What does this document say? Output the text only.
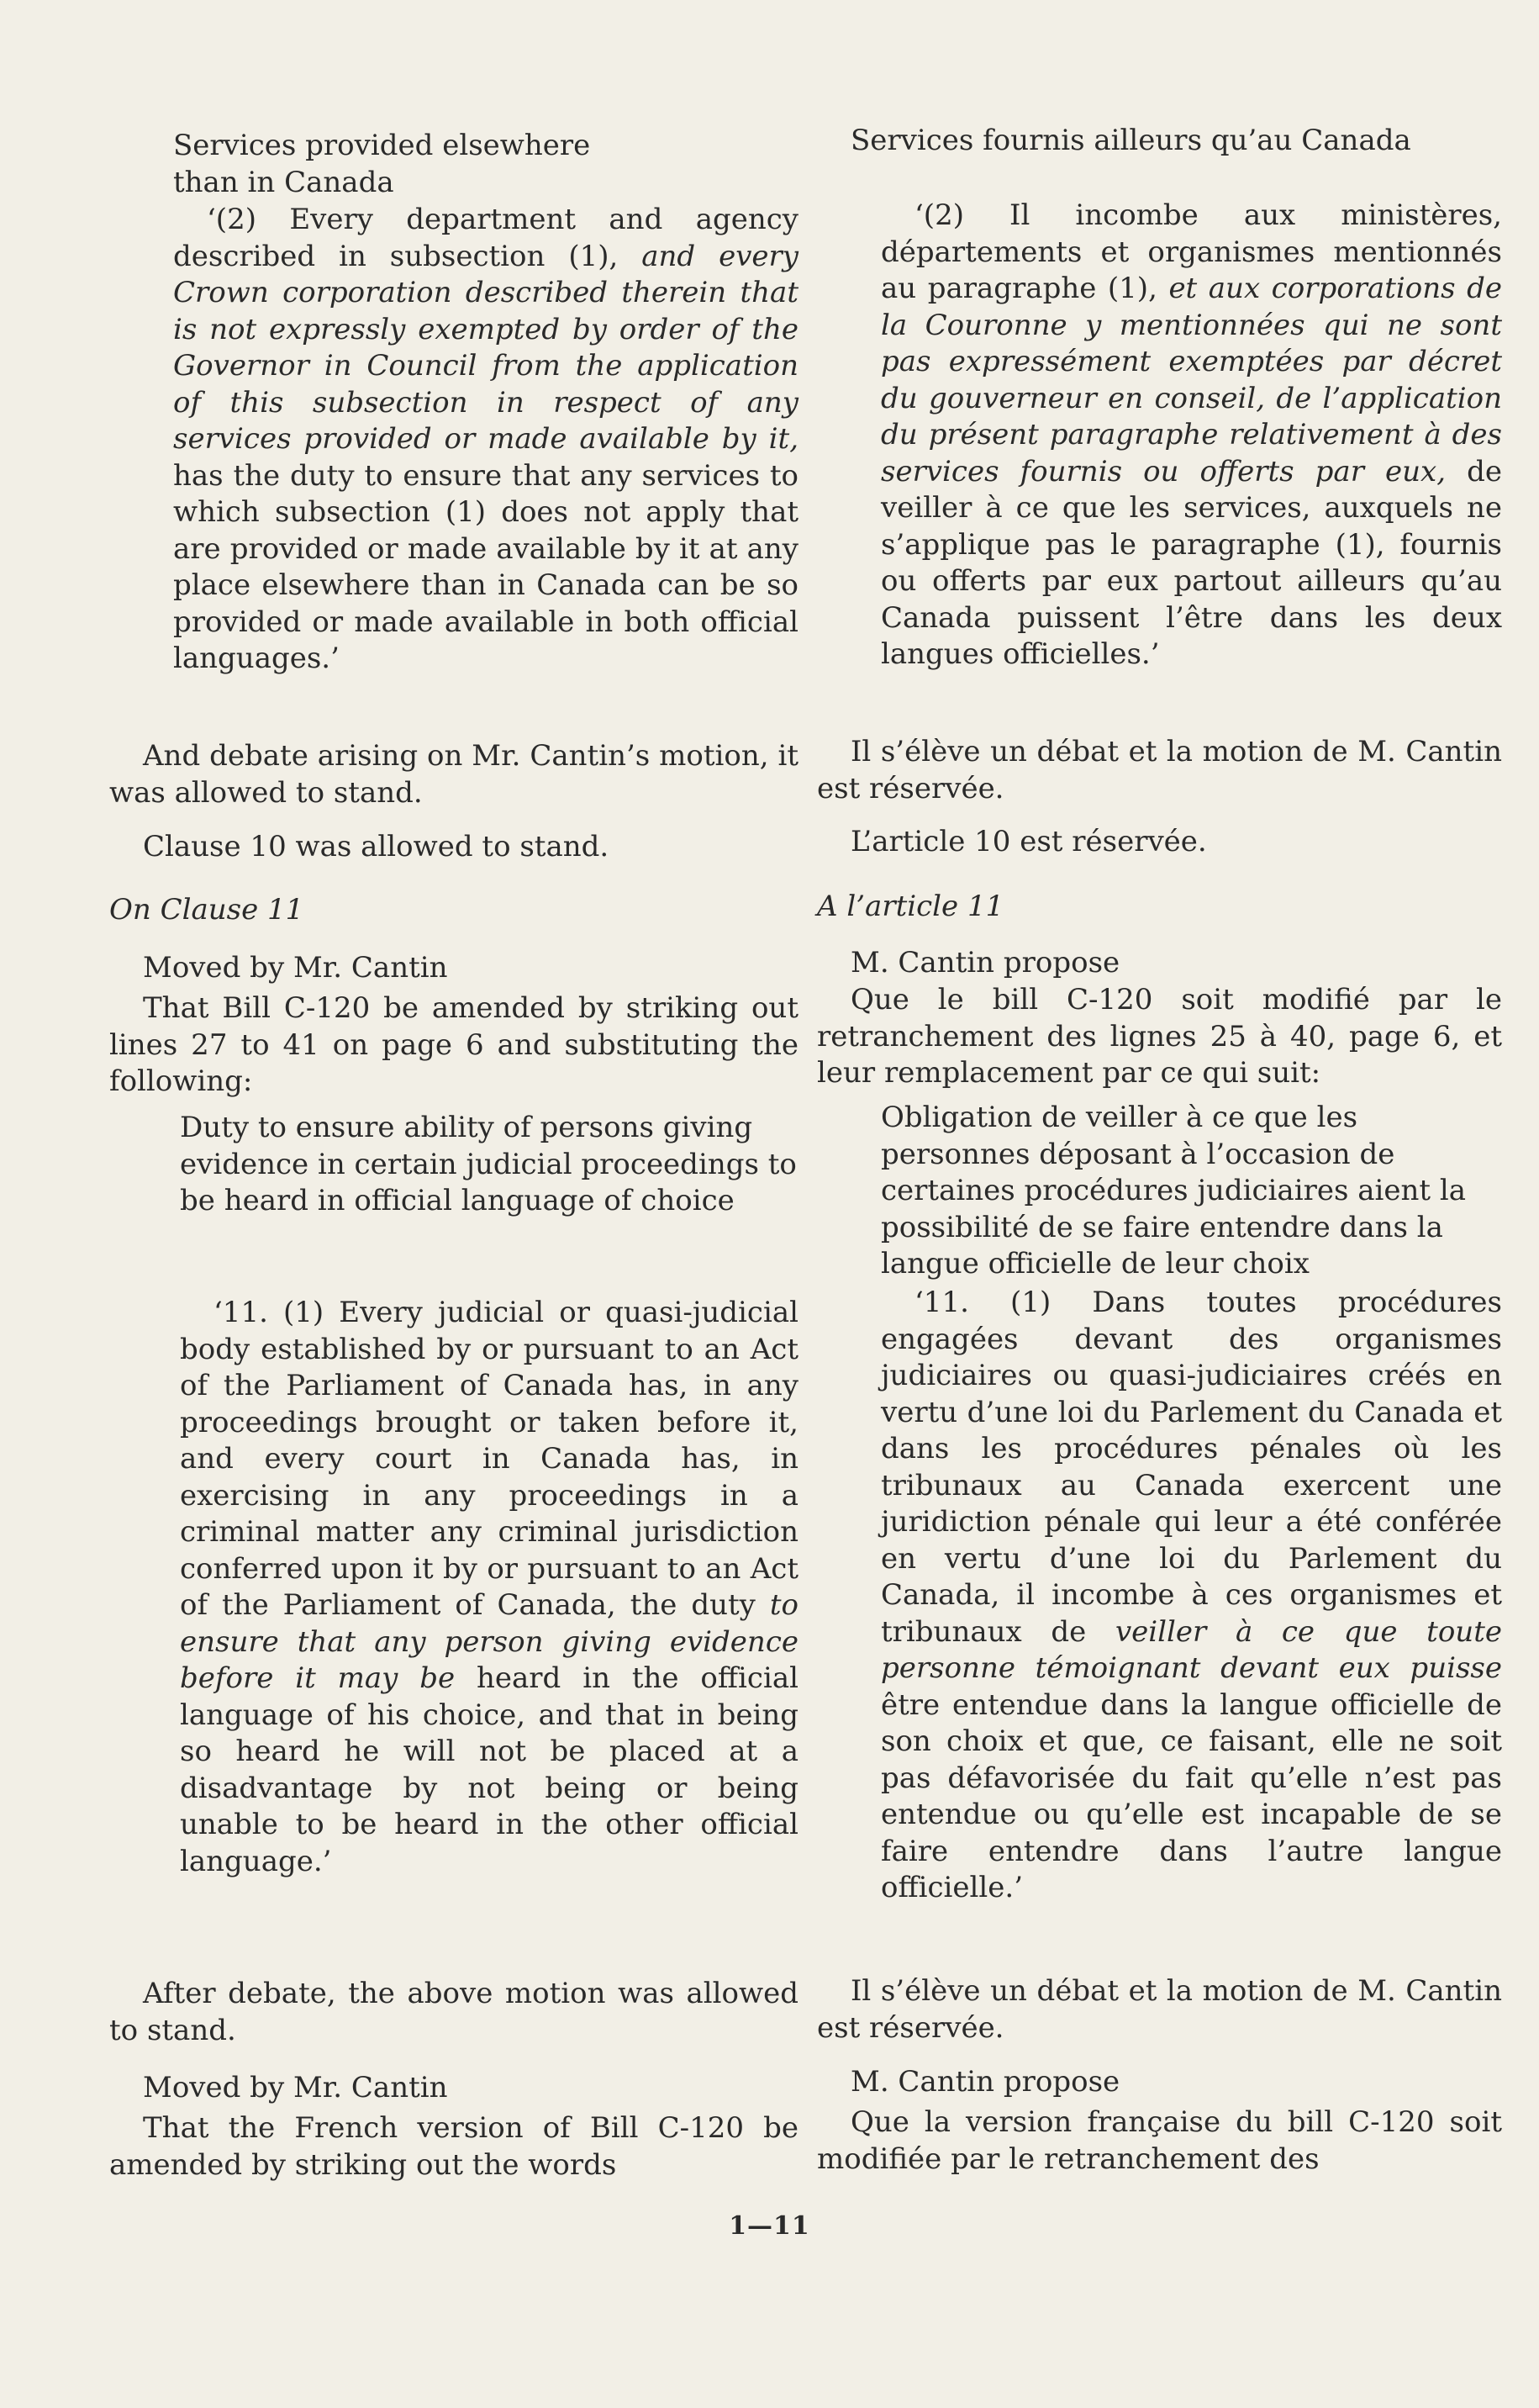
Services provided elsewhere

than in Canada

‘(2) Every department and agency described in subsection (1), and every Crown corporation described therein that is not expressly exempted by order of the Governor in Council from the application of this subsection in respect of any services provided or made available by it, has the duty to ensure that any services to which subsection (1) does not apply that are provided or made available by it at any place elsewhere than in Canada can be so provided or made available in both official languages.’

And debate arising on Mr. Cantin’s motion, it was allowed to stand.

Clause 10 was allowed to stand.

On Clause 11

Moved by Mr. Cantin

That Bill C-120 be amended by striking out lines 27 to 41 on page 6 and substituting the following:

Duty to ensure ability of persons giving evidence in certain judicial proceedings to be heard in official language of choice

‘11. (1) Every judicial or quasi-judicial body established by or pursuant to an Act of the Parliament of Canada has, in any proceedings brought or taken before it, and every court in Canada has, in exercising in any proceedings in a criminal matter any criminal jurisdiction conferred upon it by or pursuant to an Act of the Parliament of Canada, the duty to ensure that any person giving evidence before it may be heard in the official language of his choice, and that in being so heard he will not be placed at a disadvantage by not being or being unable to be heard in the other official language.’

After debate, the above motion was allowed to stand.

Moved by Mr. Cantin

That the French version of Bill C-120 be amended by striking out the words

Services fournis ailleurs qu’au Canada

‘(2) Il incombe aux ministères, départements et organismes mentionnés au paragraphe (1), et aux corporations de la Couronne y mentionnées qui ne sont pas expressément exemptées par décret du gouverneur en conseil, de l’application du présent paragraphe relativement à des services fournis ou offerts par eux, de veiller à ce que les services, auxquels ne s’applique pas le paragraphe (1), fournis ou offerts par eux partout ailleurs qu’au Canada puissent l’être dans les deux langues officielles.’

Il s’élève un débat et la motion de M. Cantin est réservée.

L’article 10 est réservée.

A l’article 11

M. Cantin propose

Que le bill C-120 soit modifié par le retranchement des lignes 25 à 40, page 6, et leur remplacement par ce qui suit:

Obligation de veiller à ce que les personnes déposant à l’occasion de certaines procédures judiciaires aient la possibilité de se faire entendre dans la langue officielle de leur choix

‘11. (1) Dans toutes procédures engagées devant des organismes judiciaires ou quasi-judiciaires créés en vertu d’une loi du Parlement du Canada et dans les procédures pénales où les tribunaux au Canada exercent une juridiction pénale qui leur a été conférée en vertu d’une loi du Parlement du Canada, il incombe à ces organismes et tribunaux de veiller à ce que toute personne témoignant devant eux puisse être entendue dans la langue officielle de son choix et que, ce faisant, elle ne soit pas défavorisée du fait qu’elle n’est pas entendue ou qu’elle est incapable de se faire entendre dans l’autre langue officielle.’

Il s’élève un débat et la motion de M. Cantin est réservée.

M. Cantin propose

Que la version française du bill C-120 soit modifiée par le retranchement des

1—11
